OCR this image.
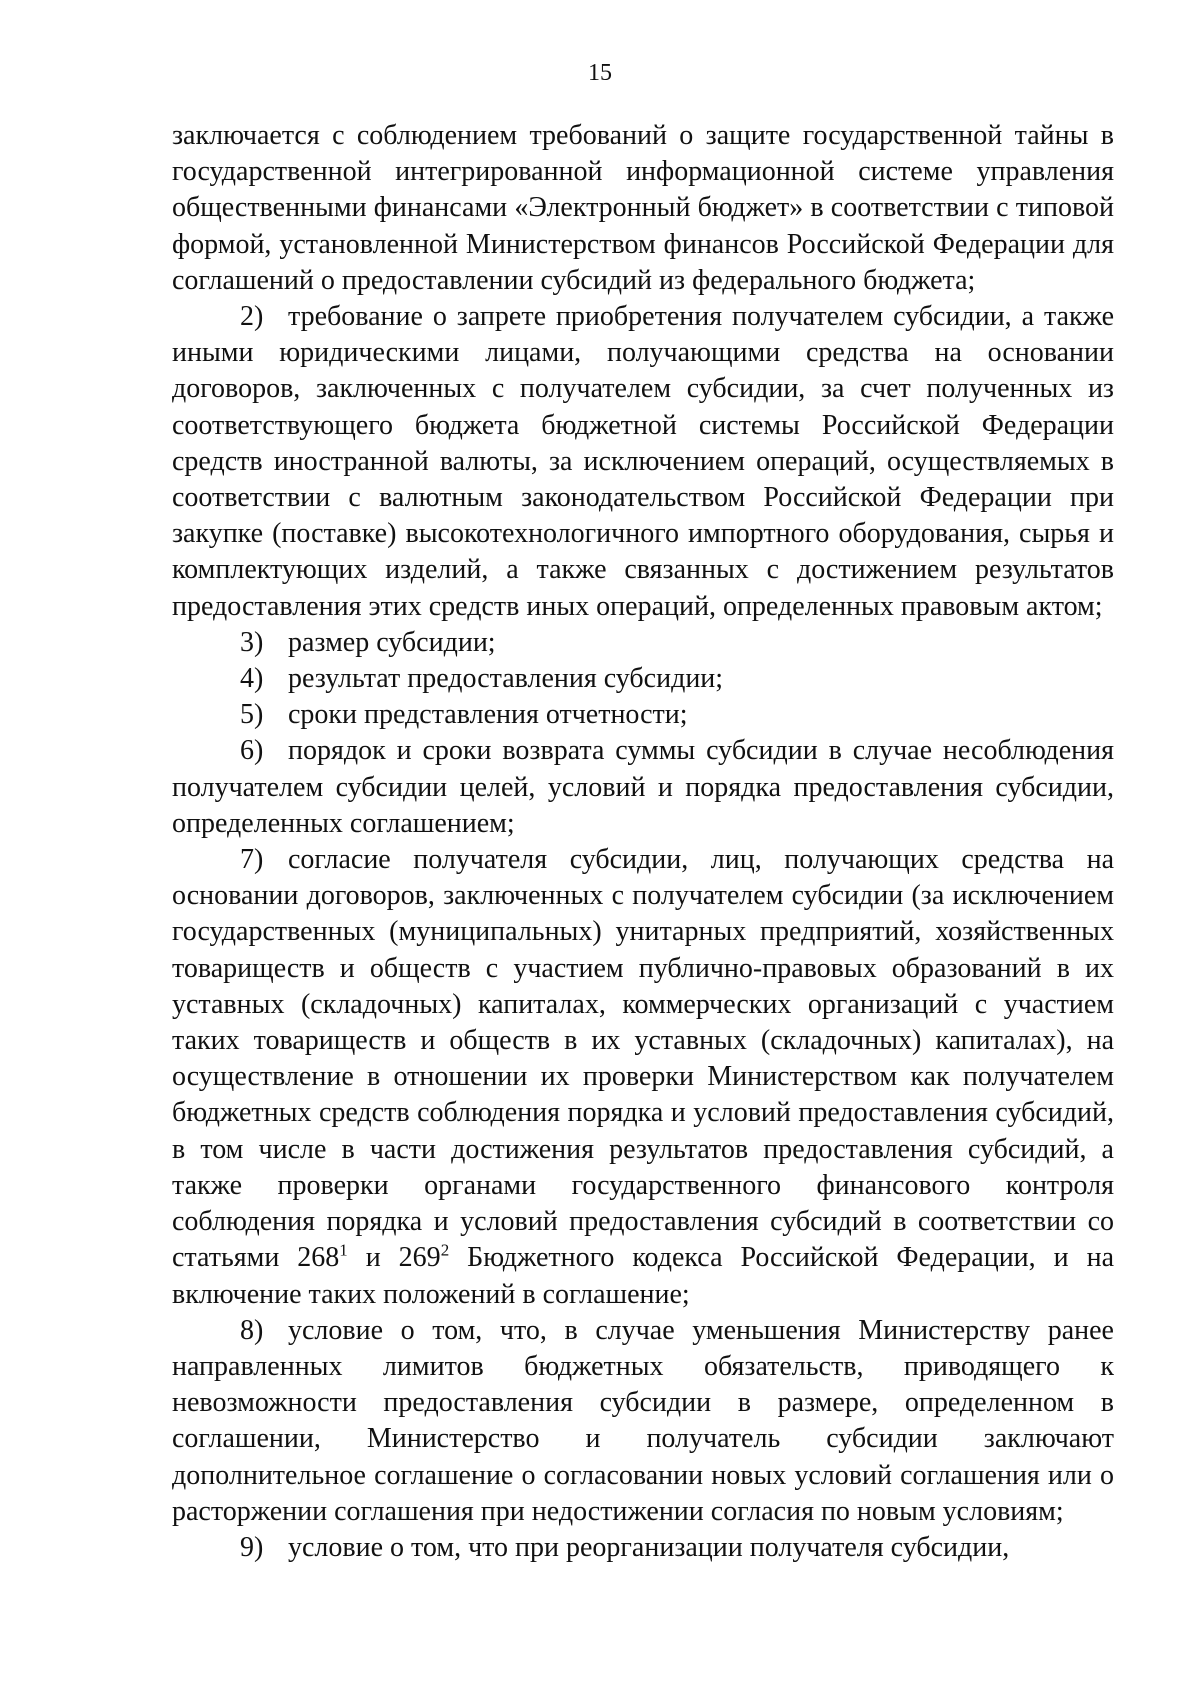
15

заключается с соблюдением требований о защите государственной тайны в государственной интегрированной информационной системе управления общественными финансами «Электронный бюджет» в соответствии с типовой формой, установленной Министерством финансов Российской Федерации для соглашений о предоставлении субсидий из федерального бюджета;

2) требование о запрете приобретения получателем субсидии, а также иными юридическими лицами, получающими средства на основании договоров, заключенных с получателем субсидии, за счет полученных из соответствующего бюджета бюджетной системы Российской Федерации средств иностранной валюты, за исключением операций, осуществляемых в соответствии с валютным законодательством Российской Федерации при закупке (поставке) высокотехнологичного импортного оборудования, сырья и комплектующих изделий, а также связанных с достижением результатов предоставления этих средств иных операций, определенных правовым актом;

3) размер субсидии;

4) результат предоставления субсидии;

5) сроки представления отчетности;

6) порядок и сроки возврата суммы субсидии в случае несоблюдения получателем субсидии целей, условий и порядка предоставления субсидии, определенных соглашением;

7) согласие получателя субсидии, лиц, получающих средства на основании договоров, заключенных с получателем субсидии (за исключением государственных (муниципальных) унитарных предприятий, хозяйственных товариществ и обществ с участием публично-правовых образований в их уставных (складочных) капиталах, коммерческих организаций с участием таких товариществ и обществ в их уставных (складочных) капиталах), на осуществление в отношении их проверки Министерством как получателем бюджетных средств соблюдения порядка и условий предоставления субсидий, в том числе в части достижения результатов предоставления субсидий, а также проверки органами государственного финансового контроля соблюдения порядка и условий предоставления субсидий в соответствии со статьями $268^1$ и $269^2$ Бюджетного кодекса Российской Федерации, и на включение таких положений в соглашение;

8) условие о том, что, в случае уменьшения Министерству ранее направленных лимитов бюджетных обязательств, приводящего к невозможности предоставления субсидии в размере, определенном в соглашении, Министерство и получатель субсидии заключают дополнительное соглашение о согласовании новых условий соглашения или о расторжении соглашения при недостижении согласия по новым условиям;

9) условие о том, что при реорганизации получателя субсидии,
